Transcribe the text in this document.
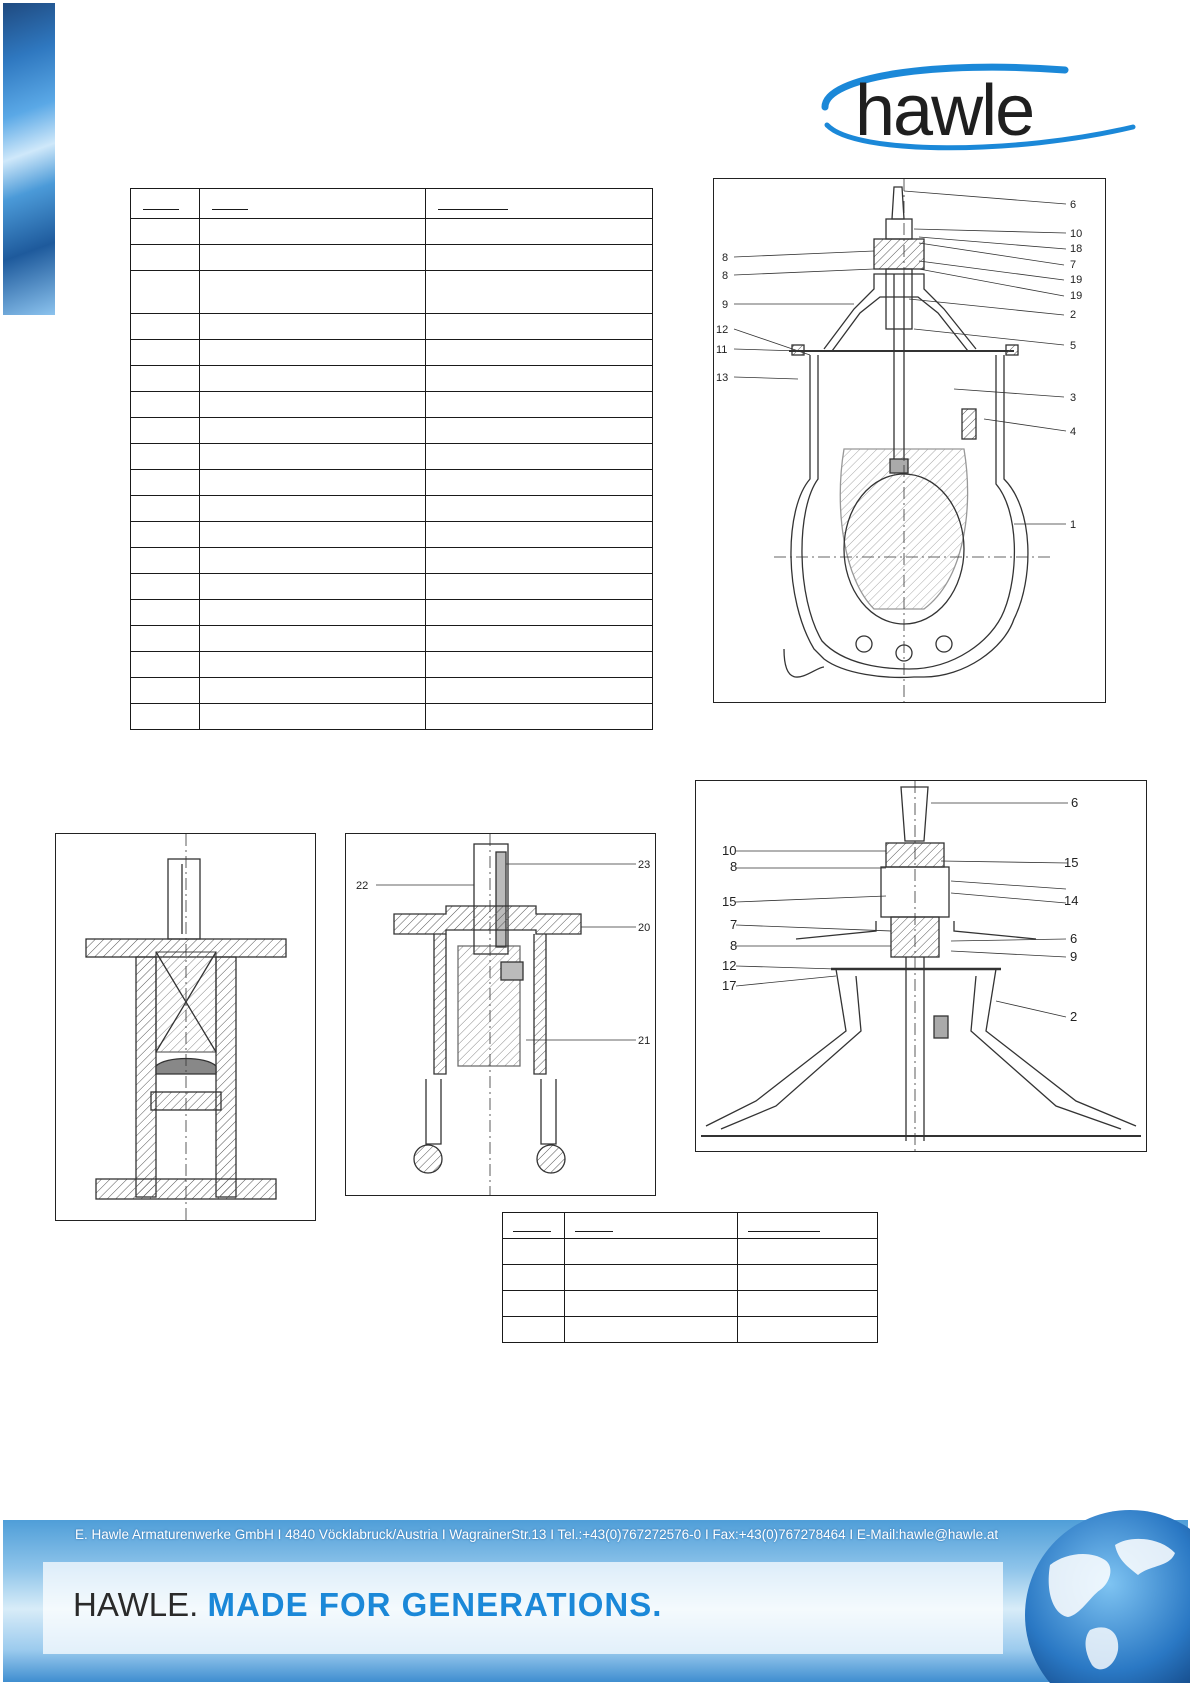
hawle

6
10
18
7
19
19
2
5
3
4
1
8
8
9
12
11
13
6
15
14
6
9
2
10
8
15
7
8
12
17
23
22
20
21

E. Hawle Armaturenwerke GmbH I 4840 Vöcklabruck/Austria I WagrainerStr.13 I Tel.:+43(0)767272576-0 I Fax:+43(0)767278464 I E-Mail:hawle@hawle.at
HAWLE. MADE FOR GENERATIONS.
